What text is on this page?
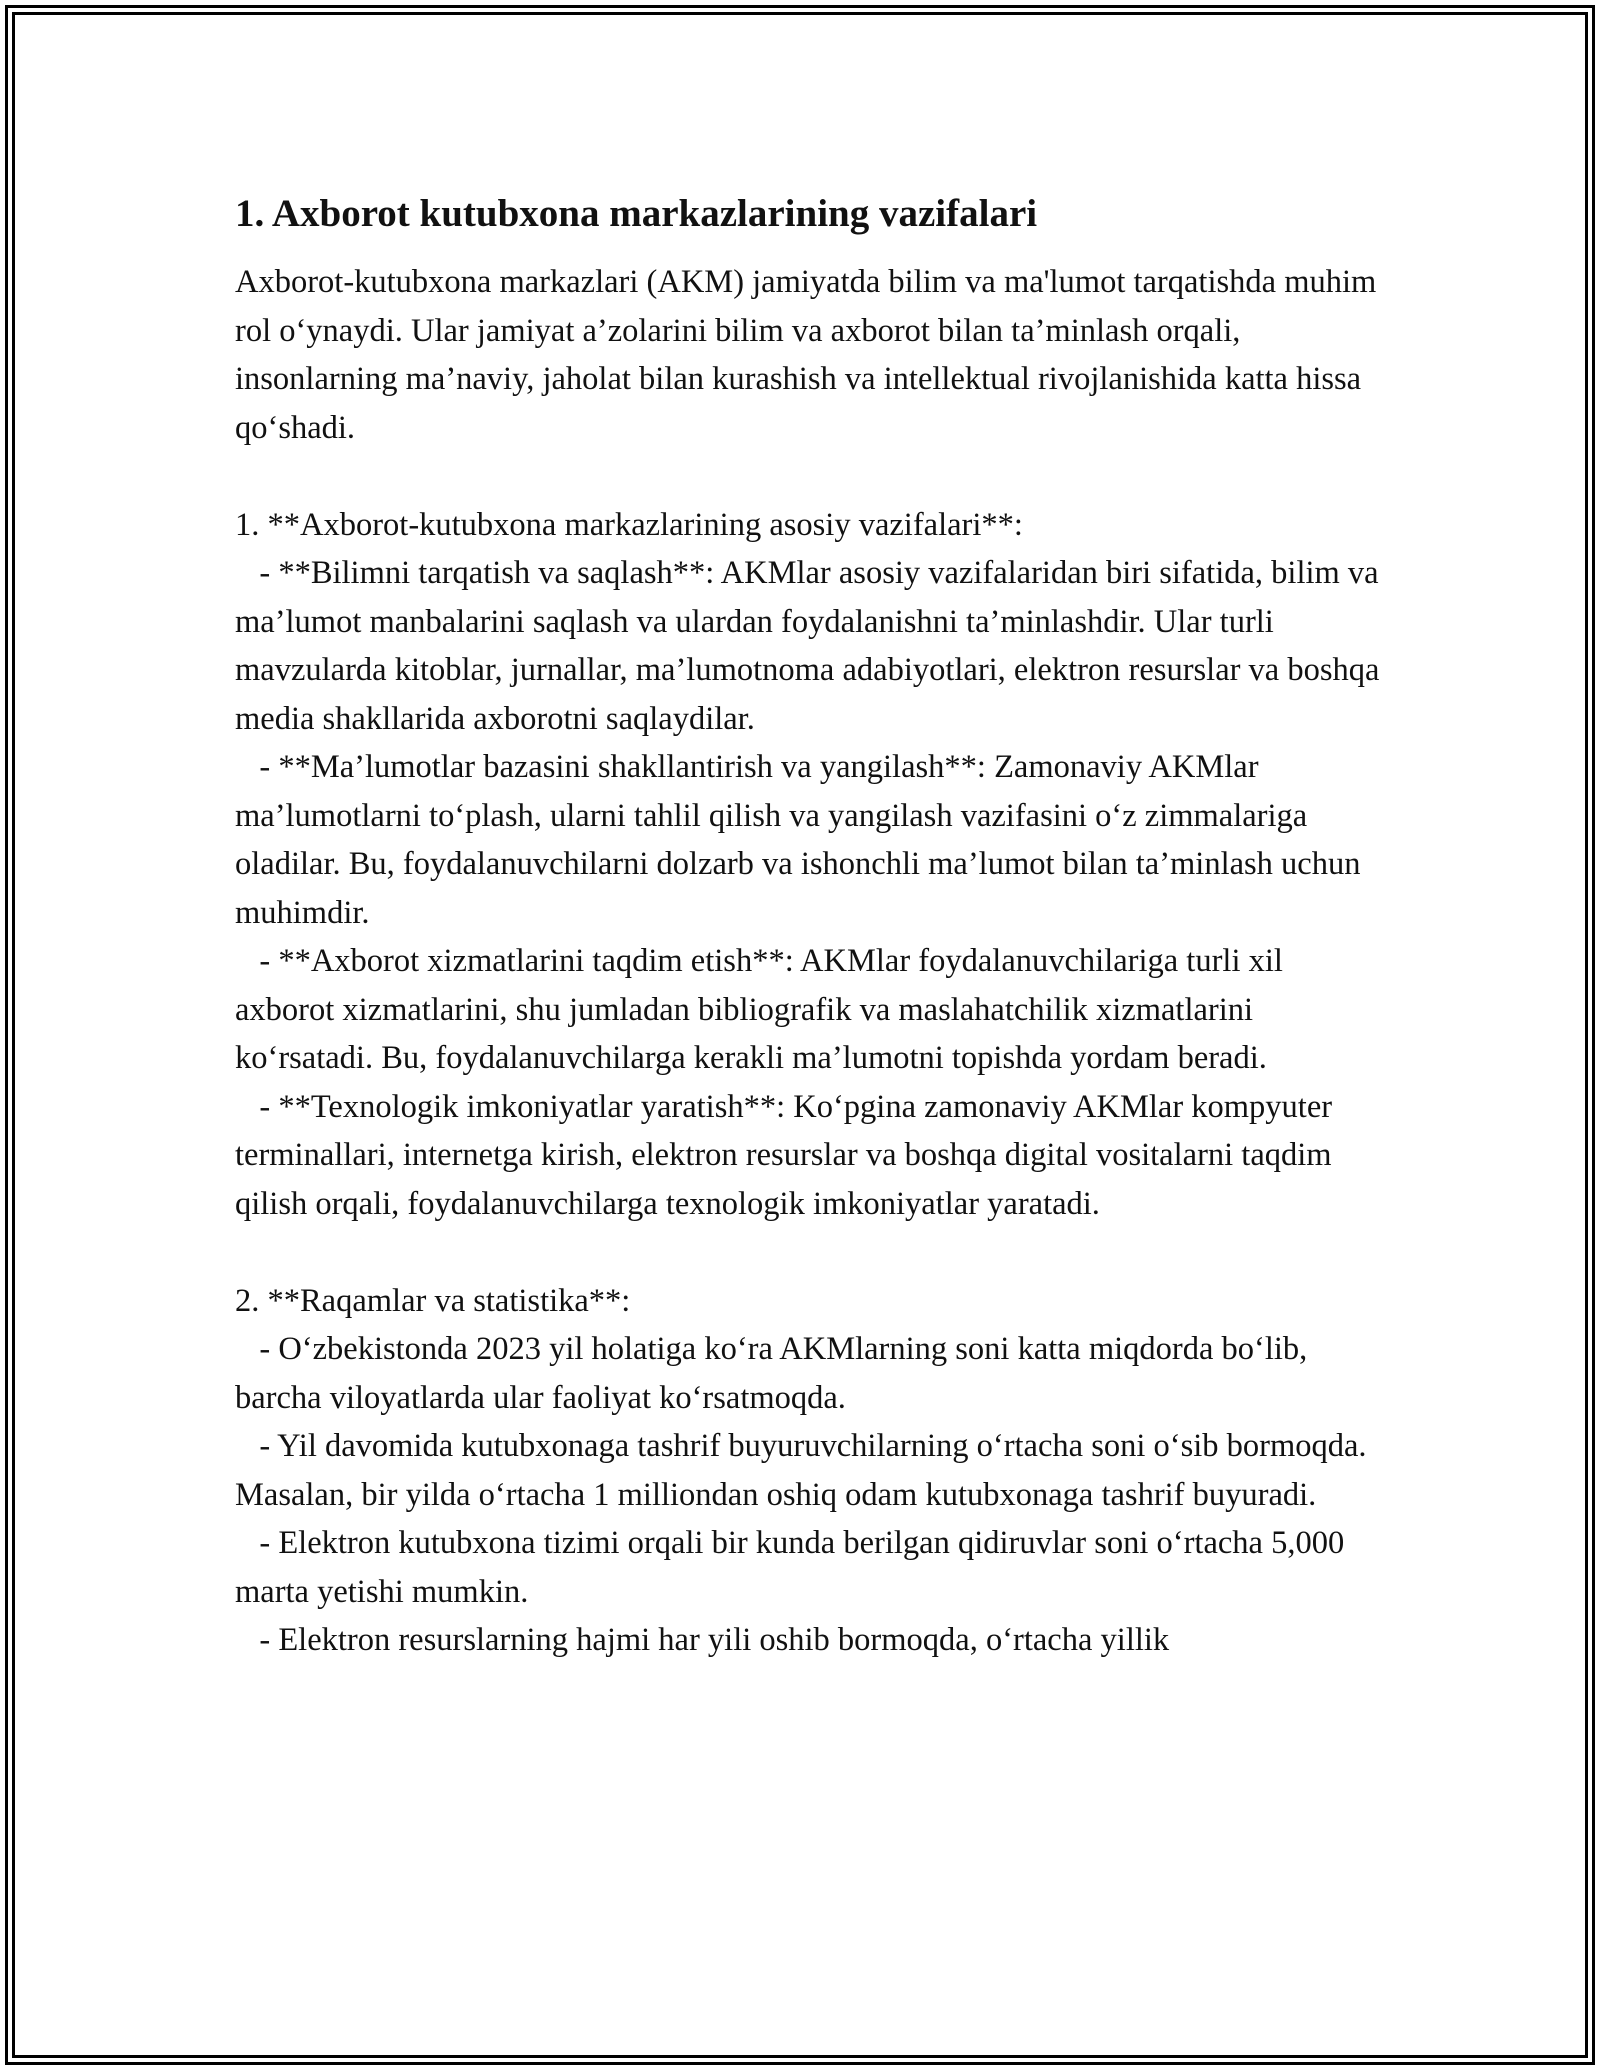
1. Axborot kutubxona markazlarining vazifalari

Axborot-kutubxona markazlari (AKM) jamiyatda bilim va ma'lumot tarqatishda muhim rol o‘ynaydi. Ular jamiyat a’zolarini bilim va axborot bilan ta’minlash orqali, insonlarning ma’naviy, jaholat bilan kurashish va intellektual rivojlanishida katta hissa qo‘shadi.

1. **Axborot-kutubxona markazlarining asosiy vazifalari**:

- **Bilimni tarqatish va saqlash**: AKMlar asosiy vazifalaridan biri sifatida, bilim va ma’lumot manbalarini saqlash va ulardan foydalanishni ta’minlashdir. Ular turli mavzularda kitoblar, jurnallar, ma’lumotnoma adabiyotlari, elektron resurslar va boshqa media shakllarida axborotni saqlaydilar.

- **Ma’lumotlar bazasini shakllantirish va yangilash**: Zamonaviy AKMlar ma’lumotlarni to‘plash, ularni tahlil qilish va yangilash vazifasini o‘z zimmalariga oladilar. Bu, foydalanuvchilarni dolzarb va ishonchli ma’lumot bilan ta’minlash uchun muhimdir.

- **Axborot xizmatlarini taqdim etish**: AKMlar foydalanuvchilariga turli xil axborot xizmatlarini, shu jumladan bibliografik va maslahatchilik xizmatlarini ko‘rsatadi. Bu, foydalanuvchilarga kerakli ma’lumotni topishda yordam beradi.

- **Texnologik imkoniyatlar yaratish**: Ko‘pgina zamonaviy AKMlar kompyuter terminallari, internetga kirish, elektron resurslar va boshqa digital vositalarni taqdim qilish orqali, foydalanuvchilarga texnologik imkoniyatlar yaratadi.

2. **Raqamlar va statistika**:

- O‘zbekistonda 2023 yil holatiga ko‘ra AKMlarning soni katta miqdorda bo‘lib, barcha viloyatlarda ular faoliyat ko‘rsatmoqda.

- Yil davomida kutubxonaga tashrif buyuruvchilarning o‘rtacha soni o‘sib bormoqda. Masalan, bir yilda o‘rtacha 1 milliondan oshiq odam kutubxonaga tashrif buyuradi.

- Elektron kutubxona tizimi orqali bir kunda berilgan qidiruvlar soni o‘rtacha 5,000 marta yetishi mumkin.

- Elektron resurslarning hajmi har yili oshib bormoqda, o‘rtacha yillik
